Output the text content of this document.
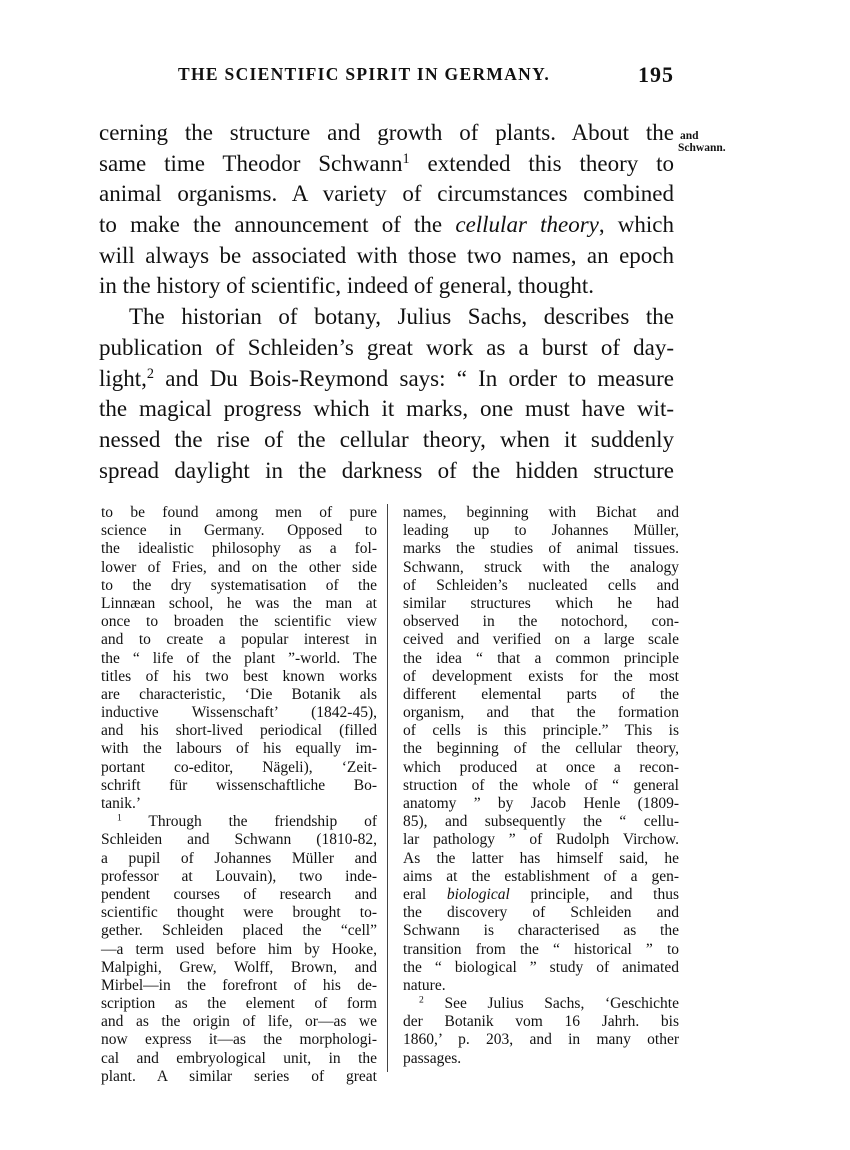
THE SCIENTIFIC SPIRIT IN GERMANY.	195
and
Schwann.
cerning the structure and growth of plants. About the
same time Theodor Schwann$^1$ extended this theory to
animal organisms. A variety of circumstances combined
to make the announcement of the cellular theory, which
will always be associated with those two names, an epoch
in the history of scientific, indeed of general, thought.
The historian of botany, Julius Sachs, describes the
publication of Schleiden’s great work as a burst of day-
light,$^2$ and Du Bois-Reymond says: “ In order to measure
the magical progress which it marks, one must have wit-
nessed the rise of the cellular theory, when it suddenly
spread daylight in the darkness of the hidden structure
to be found among men of pure
science in Germany. Opposed to
the idealistic philosophy as a fol-
lower of Fries, and on the other side
to the dry systematisation of the
Linnæan school, he was the man at
once to broaden the scientific view
and to create a popular interest in
the “ life of the plant ”-world. The
titles of his two best known works
are characteristic, ‘Die Botanik als
inductive Wissenschaft’ (1842-45),
and his short-lived periodical (filled
with the labours of his equally im-
portant co-editor, Nägeli), ‘Zeit-
schrift für wissenschaftliche Bo-
tanik.’
$^1$ Through the friendship of
Schleiden and Schwann (1810-82,
a pupil of Johannes Müller and
professor at Louvain), two inde-
pendent courses of research and
scientific thought were brought to-
gether. Schleiden placed the “cell”
—a term used before him by Hooke,
Malpighi, Grew, Wolff, Brown, and
Mirbel—in the forefront of his de-
scription as the element of form
and as the origin of life, or—as we
now express it—as the morphologi-
cal and embryological unit, in the
plant. A similar series of great
names, beginning with Bichat and
leading up to Johannes Müller,
marks the studies of animal tissues.
Schwann, struck with the analogy
of Schleiden’s nucleated cells and
similar structures which he had
observed in the notochord, con-
ceived and verified on a large scale
the idea “ that a common principle
of development exists for the most
different elemental parts of the
organism, and that the formation
of cells is this principle.” This is
the beginning of the cellular theory,
which produced at once a recon-
struction of the whole of “ general
anatomy ” by Jacob Henle (1809-
85), and subsequently the “ cellu-
lar pathology ” of Rudolph Virchow.
As the latter has himself said, he
aims at the establishment of a gen-
eral biological principle, and thus
the discovery of Schleiden and
Schwann is characterised as the
transition from the “ historical ” to
the “ biological ” study of animated
nature.
$^2$ See Julius Sachs, ‘Geschichte
der Botanik vom 16 Jahrh. bis
1860,’ p. 203, and in many other
passages.
